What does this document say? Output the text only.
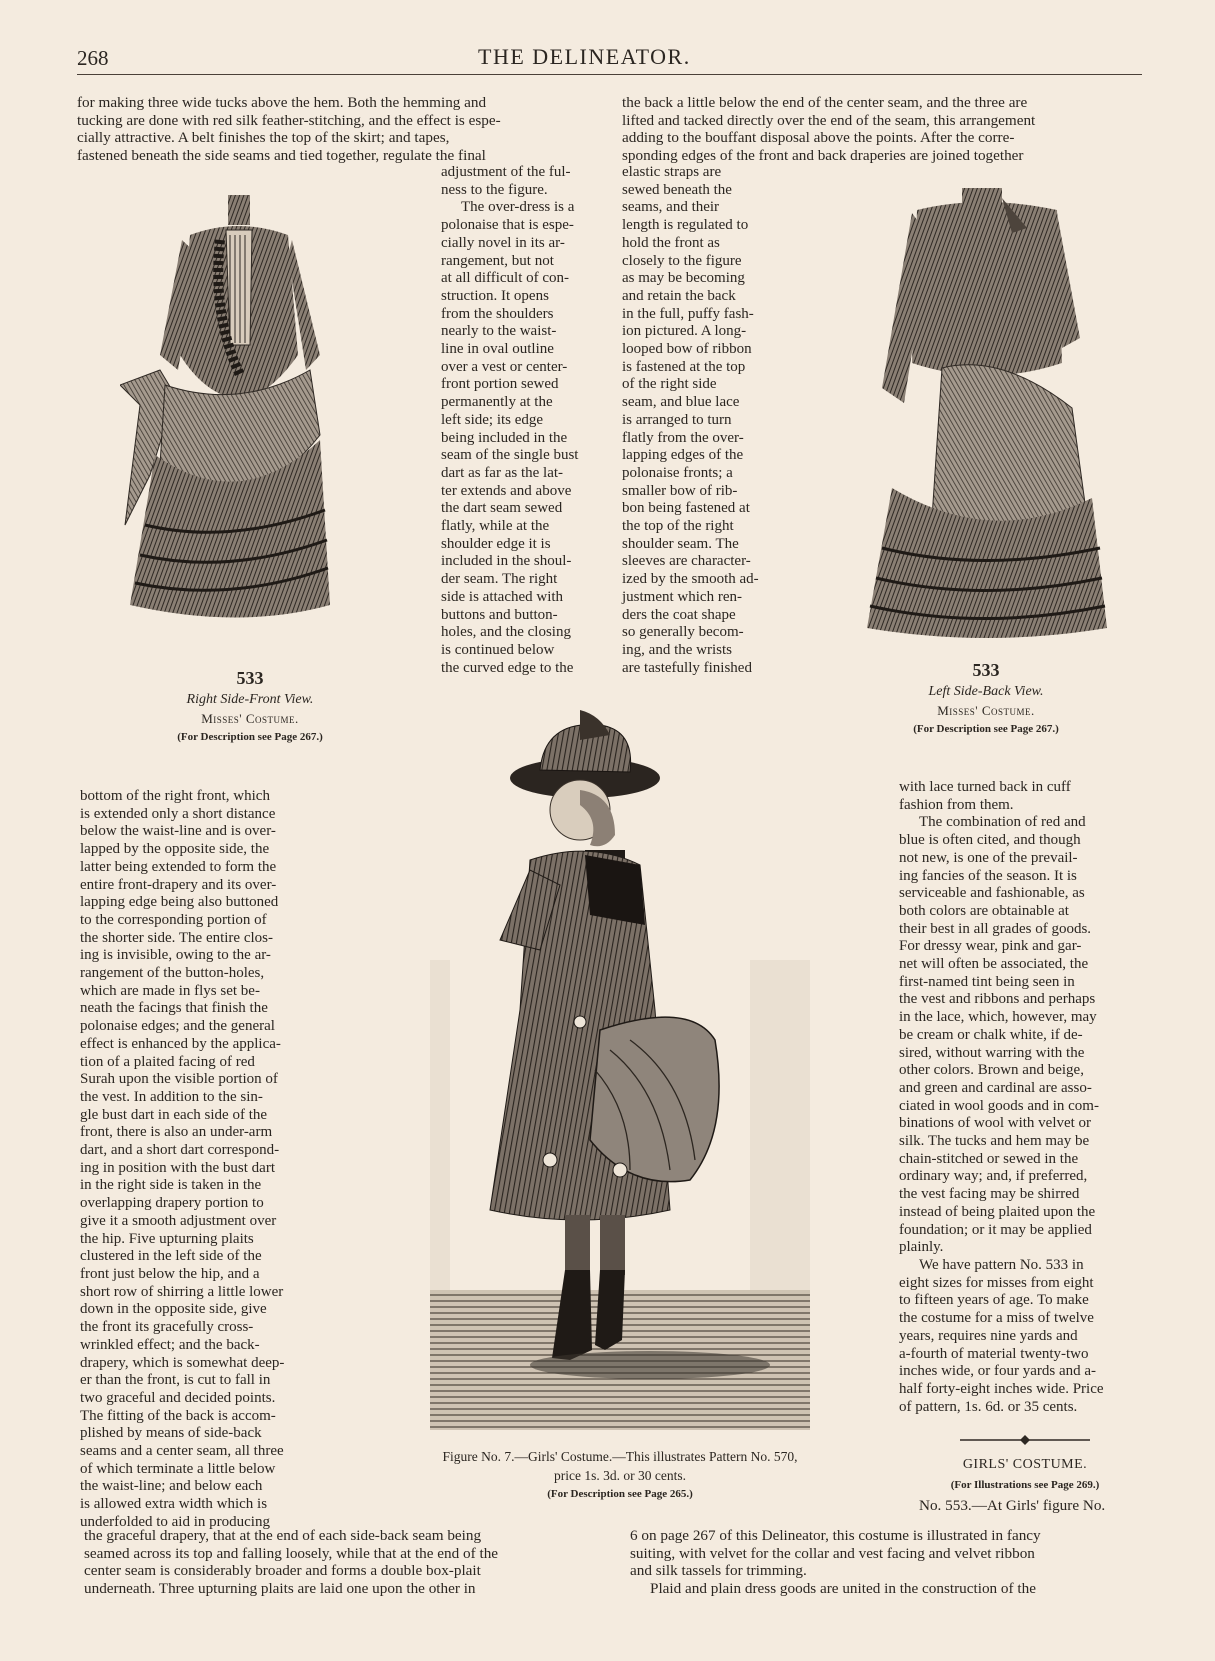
268	THE DELINEATOR.
for making three wide tucks above the hem. Both the hemming and
tucking are done with red silk feather-stitching, and the effect is espe-
cially attractive. A belt finishes the top of the skirt; and tapes,
fastened beneath the side seams and tied together, regulate the final
the back a little below the end of the center seam, and the three are
lifted and tacked directly over the end of the seam, this arrangement
adding to the bouffant disposal above the points. After the corre-
sponding edges of the front and back draperies are joined together
adjustment of the ful-
ness to the figure.
The over-dress is a
polonaise that is espe-
cially novel in its ar-
rangement, but not
at all difficult of con-
struction. It opens
from the shoulders
nearly to the waist-
line in oval outline
over a vest or center-
front portion sewed
permanently at the
left side; its edge
being included in the
seam of the single bust
dart as far as the lat-
ter extends and above
the dart seam sewed
flatly, while at the
shoulder edge it is
included in the shoul-
der seam. The right
side is attached with
buttons and button-
holes, and the closing
is continued below
the curved edge to the
elastic straps are
sewed beneath the
seams, and their
length is regulated to
hold the front as
closely to the figure
as may be becoming
and retain the back
in the full, puffy fash-
ion pictured. A long-
looped bow of ribbon
is fastened at the top
of the right side
seam, and blue lace
is arranged to turn
flatly from the over-
lapping edges of the
polonaise fronts; a
smaller bow of rib-
bon being fastened at
the top of the right
shoulder seam. The
sleeves are character-
ized by the smooth ad-
justment which ren-
ders the coat shape
so generally becom-
ing, and the wrists
are tastefully finished
533
Right Side-Front View.
Misses' Costume.
(For Description see Page 267.)
533
Left Side-Back View.
Misses' Costume.
(For Description see Page 267.)
bottom of the right front, which
is extended only a short distance
below the waist-line and is over-
lapped by the opposite side, the
latter being extended to form the
entire front-drapery and its over-
lapping edge being also buttoned
to the corresponding portion of
the shorter side. The entire clos-
ing is invisible, owing to the ar-
rangement of the button-holes,
which are made in flys set be-
neath the facings that finish the
polonaise edges; and the general
effect is enhanced by the applica-
tion of a plaited facing of red
Surah upon the visible portion of
the vest. In addition to the sin-
gle bust dart in each side of the
front, there is also an under-arm
dart, and a short dart correspond-
ing in position with the bust dart
in the right side is taken in the
overlapping drapery portion to
give it a smooth adjustment over
the hip. Five upturning plaits
clustered in the left side of the
front just below the hip, and a
short row of shirring a little lower
down in the opposite side, give
the front its gracefully cross-
wrinkled effect; and the back-
drapery, which is somewhat deep-
er than the front, is cut to fall in
two graceful and decided points.
The fitting of the back is accom-
plished by means of side-back
seams and a center seam, all three
of which terminate a little below
the waist-line; and below each
is allowed extra width which is
underfolded to aid in producing
Figure No. 7.—Girls' Costume.—This illustrates Pattern No. 570,
price 1s. 3d. or 30 cents.
(For Description see Page 265.)
with lace turned back in cuff
fashion from them.
The combination of red and
blue is often cited, and though
not new, is one of the prevail-
ing fancies of the season. It is
serviceable and fashionable, as
both colors are obtainable at
their best in all grades of goods.
For dressy wear, pink and gar-
net will often be associated, the
first-named tint being seen in
the vest and ribbons and perhaps
in the lace, which, however, may
be cream or chalk white, if de-
sired, without warring with the
other colors. Brown and beige,
and green and cardinal are asso-
ciated in wool goods and in com-
binations of wool with velvet or
silk. The tucks and hem may be
chain-stitched or sewed in the
ordinary way; and, if preferred,
the vest facing may be shirred
instead of being plaited upon the
foundation; or it may be applied
plainly.
We have pattern No. 533 in
eight sizes for misses from eight
to fifteen years of age. To make
the costume for a miss of twelve
years, requires nine yards and
a-fourth of material twenty-two
inches wide, or four yards and a-
half forty-eight inches wide. Price
of pattern, 1s. 6d. or 35 cents.
GIRLS' COSTUME.
(For Illustrations see Page 269.)
No. 553.—At Girls' figure No.
the graceful drapery, that at the end of each side-back seam being
seamed across its top and falling loosely, while that at the end of the
center seam is considerably broader and forms a double box-plait
underneath. Three upturning plaits are laid one upon the other in
6 on page 267 of this Delineator, this costume is illustrated in fancy
suiting, with velvet for the collar and vest facing and velvet ribbon
and silk tassels for trimming.
Plaid and plain dress goods are united in the construction of the
